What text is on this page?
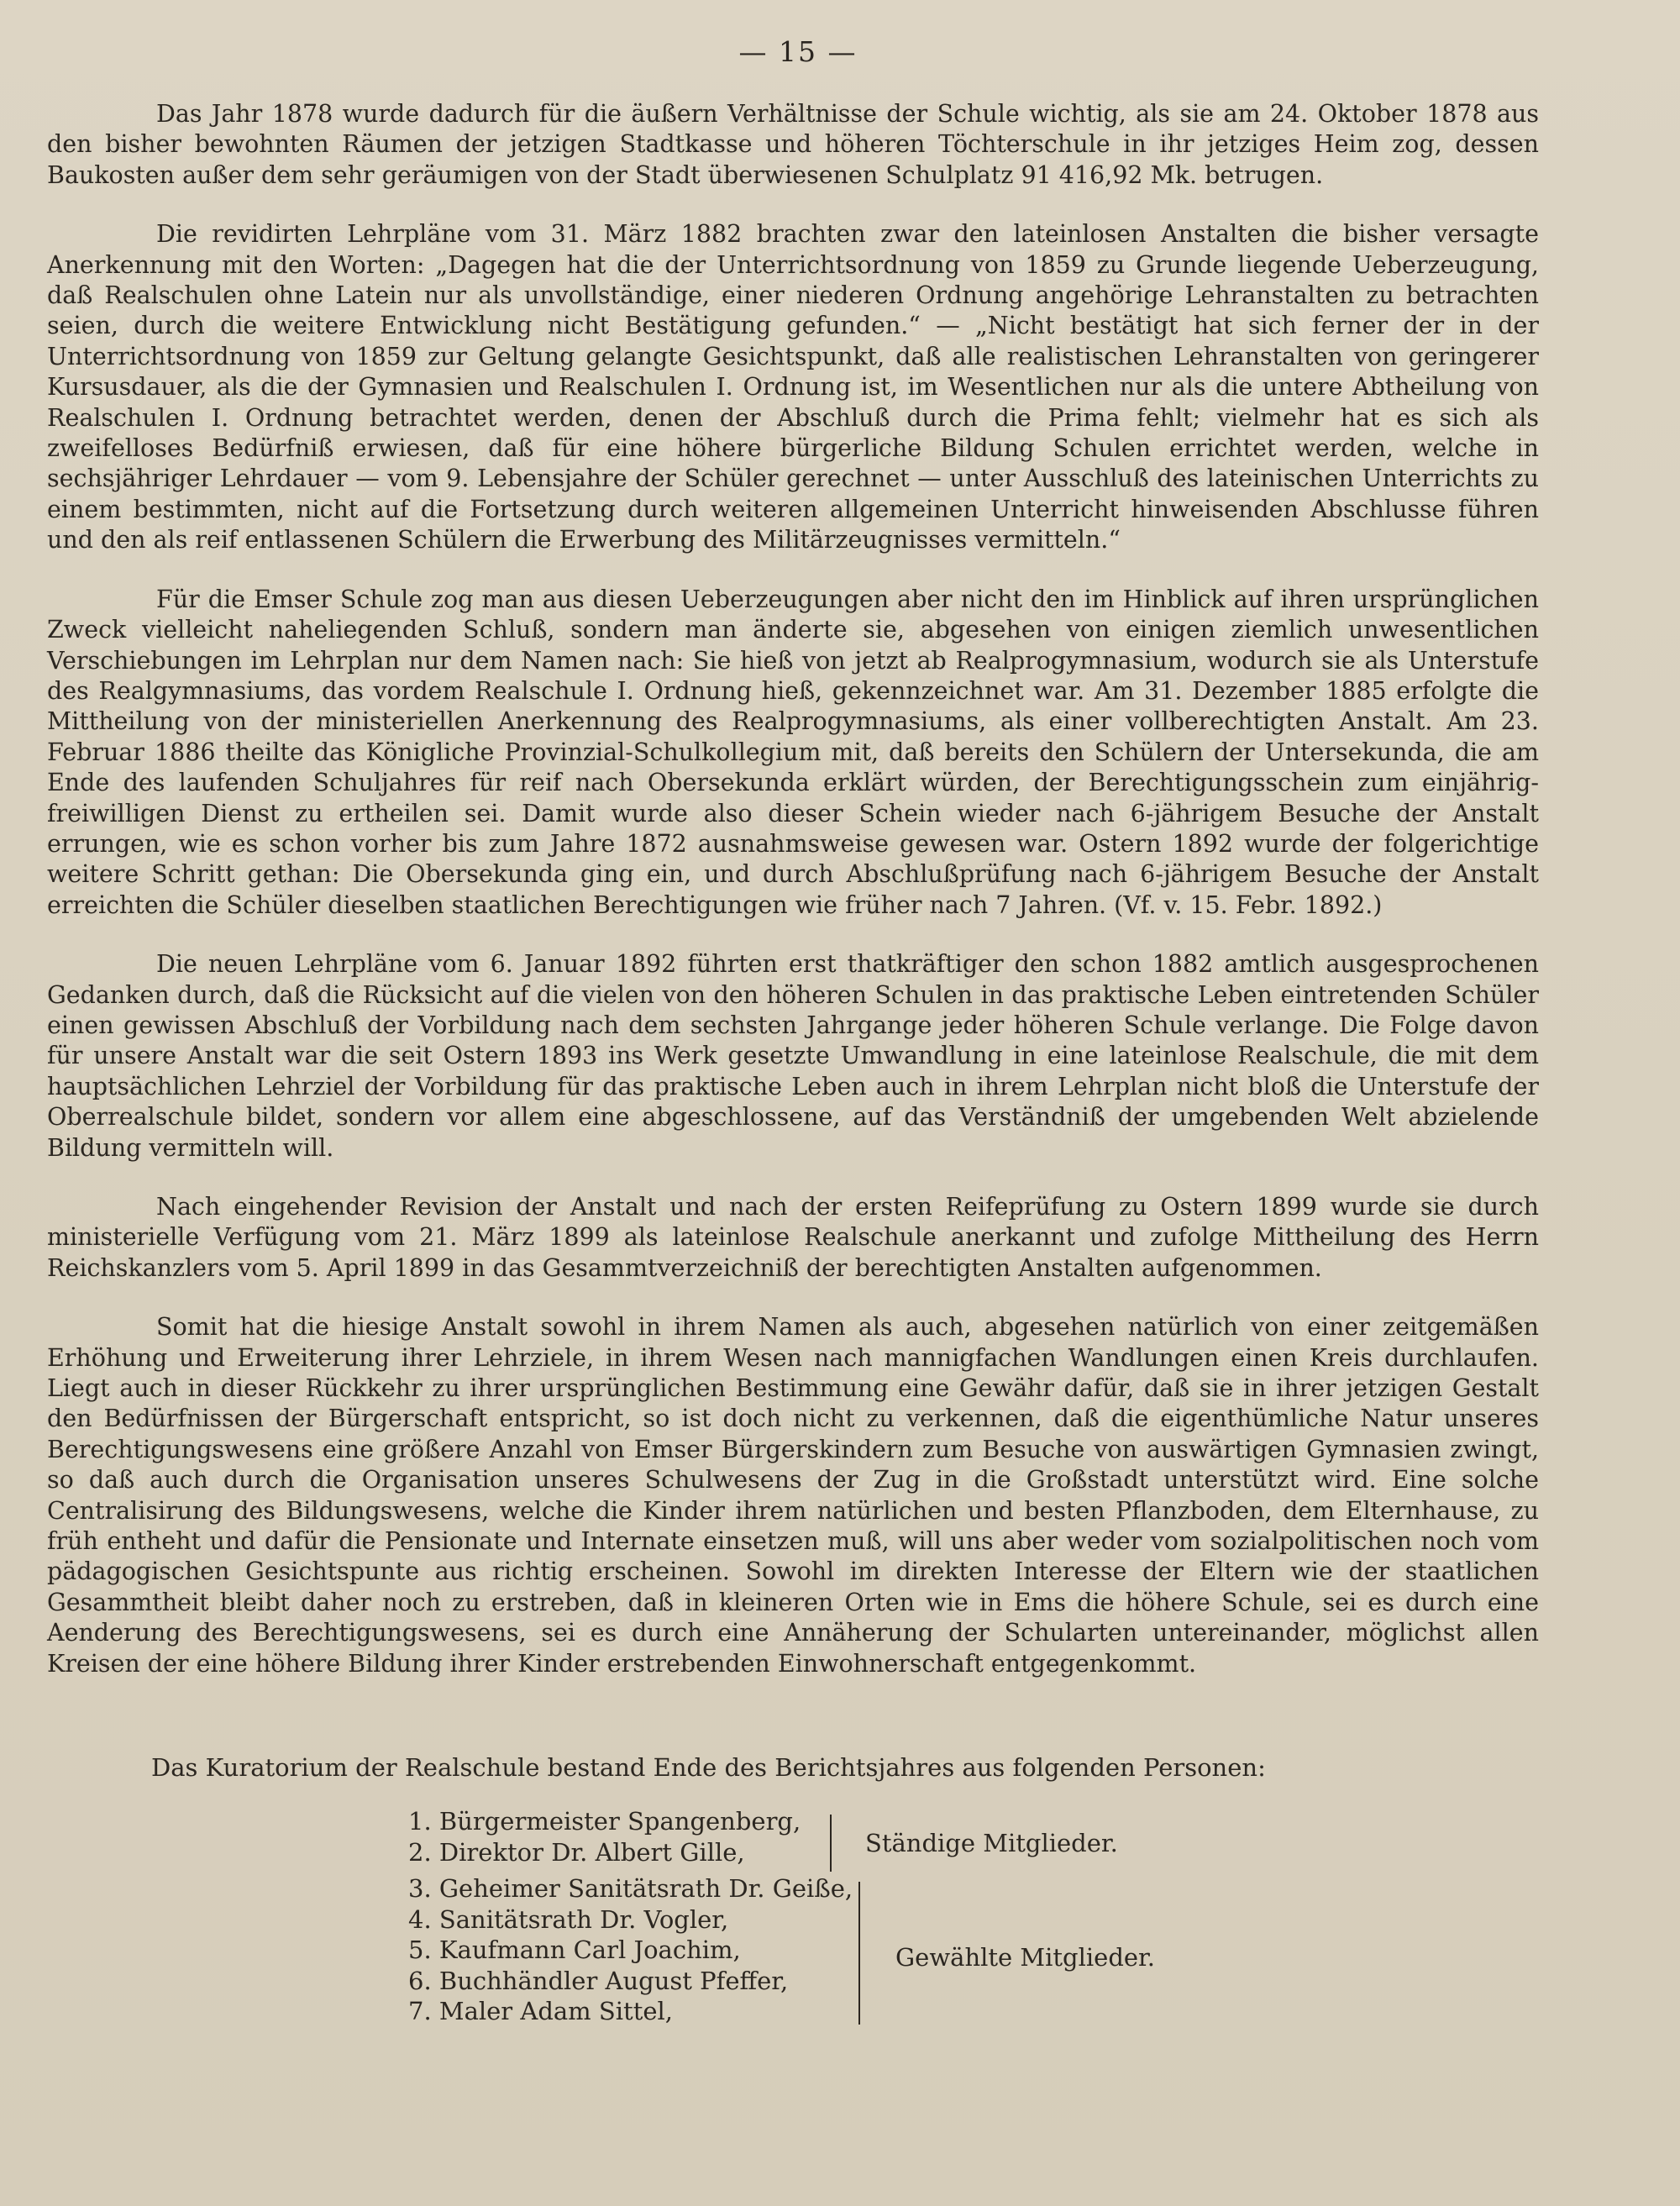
— 15 —

Das Jahr 1878 wurde dadurch für die äußern Verhältnisse der Schule wichtig, als sie am 24. Oktober 1878 aus den bisher bewohnten Räumen der jetzigen Stadtkasse und höheren Töchterschule in ihr jetziges Heim zog, dessen Baukosten außer dem sehr geräumigen von der Stadt überwiesenen Schulplatz 91 416,92 Mk. betrugen.

Die revidirten Lehrpläne vom 31. März 1882 brachten zwar den lateinlosen Anstalten die bisher versagte Anerkennung mit den Worten: „Dagegen hat die der Unterrichtsordnung von 1859 zu Grunde liegende Ueberzeugung, daß Realschulen ohne Latein nur als unvollständige, einer niederen Ordnung angehörige Lehranstalten zu betrachten seien, durch die weitere Entwicklung nicht Bestätigung gefunden.“ — „Nicht bestätigt hat sich ferner der in der Unterrichtsordnung von 1859 zur Geltung gelangte Gesichtspunkt, daß alle realistischen Lehranstalten von geringerer Kursusdauer, als die der Gymnasien und Realschulen I. Ordnung ist, im Wesentlichen nur als die untere Abtheilung von Realschulen I. Ordnung betrachtet werden, denen der Abschluß durch die Prima fehlt; vielmehr hat es sich als zweifelloses Bedürfniß erwiesen, daß für eine höhere bürgerliche Bildung Schulen errichtet werden, welche in sechsjähriger Lehrdauer — vom 9. Lebensjahre der Schüler gerechnet — unter Ausschluß des lateinischen Unterrichts zu einem bestimmten, nicht auf die Fortsetzung durch weiteren allgemeinen Unterricht hinweisenden Abschlusse führen und den als reif entlassenen Schülern die Erwerbung des Militärzeugnisses vermitteln.“

Für die Emser Schule zog man aus diesen Ueberzeugungen aber nicht den im Hinblick auf ihren ursprünglichen Zweck vielleicht naheliegenden Schluß, sondern man änderte sie, abgesehen von einigen ziemlich unwesentlichen Verschiebungen im Lehrplan nur dem Namen nach: Sie hieß von jetzt ab Realprogymnasium, wodurch sie als Unterstufe des Realgymnasiums, das vordem Realschule I. Ordnung hieß, gekennzeichnet war. Am 31. Dezember 1885 erfolgte die Mittheilung von der ministeriellen Anerkennung des Realprogymnasiums, als einer vollberechtigten Anstalt. Am 23. Februar 1886 theilte das Königliche Provinzial-Schulkollegium mit, daß bereits den Schülern der Untersekunda, die am Ende des laufenden Schuljahres für reif nach Obersekunda erklärt würden, der Berechtigungsschein zum einjährig-freiwilligen Dienst zu ertheilen sei. Damit wurde also dieser Schein wieder nach 6-jährigem Besuche der Anstalt errungen, wie es schon vorher bis zum Jahre 1872 ausnahmsweise gewesen war. Ostern 1892 wurde der folgerichtige weitere Schritt gethan: Die Obersekunda ging ein, und durch Abschlußprüfung nach 6-jährigem Besuche der Anstalt erreichten die Schüler dieselben staatlichen Berechtigungen wie früher nach 7 Jahren. (Vf. v. 15. Febr. 1892.)

Die neuen Lehrpläne vom 6. Januar 1892 führten erst thatkräftiger den schon 1882 amtlich ausgesprochenen Gedanken durch, daß die Rücksicht auf die vielen von den höheren Schulen in das praktische Leben eintretenden Schüler einen gewissen Abschluß der Vorbildung nach dem sechsten Jahrgange jeder höheren Schule verlange. Die Folge davon für unsere Anstalt war die seit Ostern 1893 ins Werk gesetzte Umwandlung in eine lateinlose Realschule, die mit dem hauptsächlichen Lehrziel der Vorbildung für das praktische Leben auch in ihrem Lehrplan nicht bloß die Unterstufe der Oberrealschule bildet, sondern vor allem eine abgeschlossene, auf das Verständniß der umgebenden Welt abzielende Bildung vermitteln will.

Nach eingehender Revision der Anstalt und nach der ersten Reifeprüfung zu Ostern 1899 wurde sie durch ministerielle Verfügung vom 21. März 1899 als lateinlose Realschule anerkannt und zufolge Mittheilung des Herrn Reichskanzlers vom 5. April 1899 in das Gesammtverzeichniß der berechtigten Anstalten aufgenommen.

Somit hat die hiesige Anstalt sowohl in ihrem Namen als auch, abgesehen natürlich von einer zeitgemäßen Erhöhung und Erweiterung ihrer Lehrziele, in ihrem Wesen nach mannigfachen Wandlungen einen Kreis durchlaufen. Liegt auch in dieser Rückkehr zu ihrer ursprünglichen Bestimmung eine Gewähr dafür, daß sie in ihrer jetzigen Gestalt den Bedürfnissen der Bürgerschaft entspricht, so ist doch nicht zu verkennen, daß die eigenthümliche Natur unseres Berechtigungswesens eine größere Anzahl von Emser Bürgerskindern zum Besuche von auswärtigen Gymnasien zwingt, so daß auch durch die Organisation unseres Schulwesens der Zug in die Großstadt unterstützt wird. Eine solche Centralisirung des Bildungswesens, welche die Kinder ihrem natürlichen und besten Pflanzboden, dem Elternhause, zu früh entheht und dafür die Pensionate und Internate einsetzen muß, will uns aber weder vom sozialpolitischen noch vom pädagogischen Gesichtspunte aus richtig erscheinen. Sowohl im direkten Interesse der Eltern wie der staatlichen Gesammtheit bleibt daher noch zu erstreben, daß in kleineren Orten wie in Ems die höhere Schule, sei es durch eine Aenderung des Berechtigungswesens, sei es durch eine Annäherung der Schularten untereinander, möglichst allen Kreisen der eine höhere Bildung ihrer Kinder erstrebenden Einwohnerschaft entgegenkommt.

Das Kuratorium der Realschule bestand Ende des Berichtsjahres aus folgenden Personen:
1. Bürgermeister Spangenberg,
2. Direktor Dr. Albert Gille,	Ständige Mitglieder.
3. Geheimer Sanitätsrath Dr. Geiße,
4. Sanitätsrath Dr. Vogler,
5. Kaufmann Carl Joachim,
6. Buchhändler August Pfeffer,
7. Maler Adam Sittel,
Gewählte Mitglieder.
